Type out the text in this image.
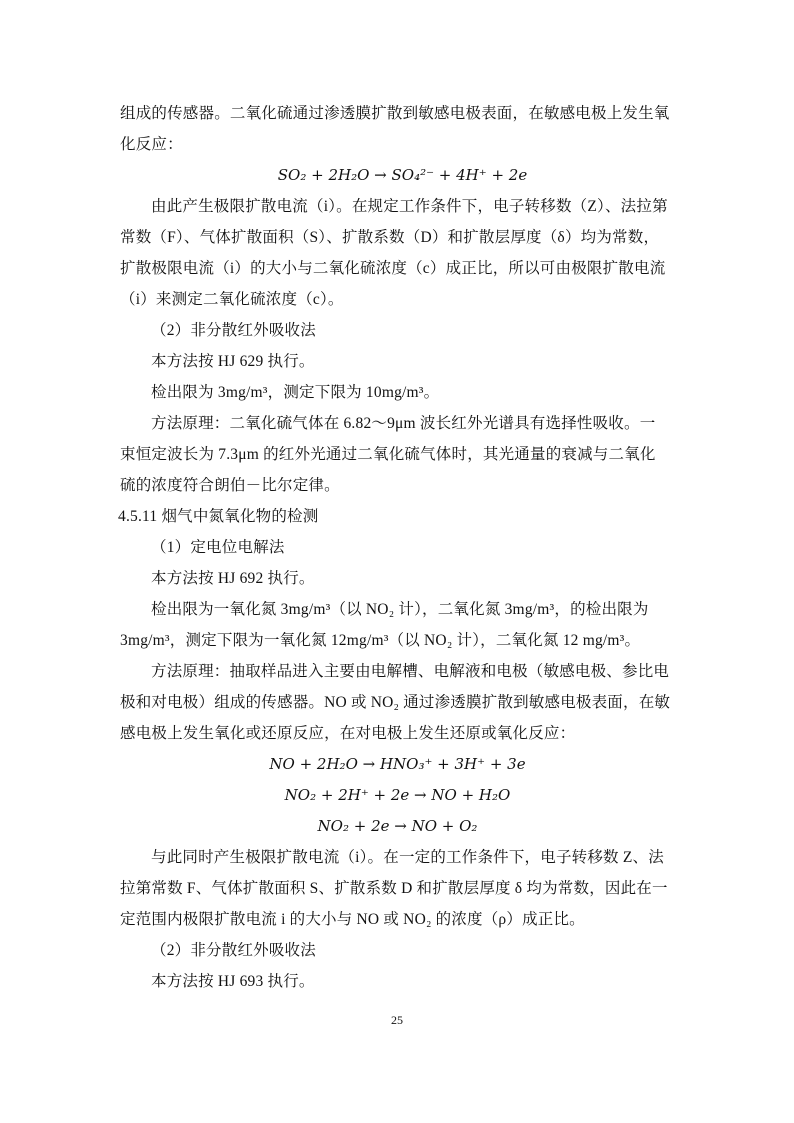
组成的传感器。二氧化硫通过渗透膜扩散到敏感电极表面，在敏感电极上发生氧
化反应：
SO₂ + 2H₂O → SO₄²⁻ + 4H⁺ + 2e
由此产生极限扩散电流（i）。在规定工作条件下，电子转移数（Z）、法拉第
常数（F）、气体扩散面积（S）、扩散系数（D）和扩散层厚度（δ）均为常数，
扩散极限电流（i）的大小与二氧化硫浓度（c）成正比，所以可由极限扩散电流
（i）来测定二氧化硫浓度（c）。
（2）非分散红外吸收法
本方法按 HJ 629 执行。
检出限为 3mg/m³，测定下限为 10mg/m³。
方法原理：二氧化硫气体在 6.82～9μm 波长红外光谱具有选择性吸收。一
束恒定波长为 7.3μm 的红外光通过二氧化硫气体时，其光通量的衰减与二氧化
硫的浓度符合朗伯－比尔定律。
4.5.11 烟气中氮氧化物的检测
（1）定电位电解法
本方法按 HJ 692 执行。
检出限为一氧化氮 3mg/m³（以 NO₂ 计），二氧化氮 3mg/m³，的检出限为
3mg/m³，测定下限为一氧化氮 12mg/m³（以 NO₂ 计），二氧化氮 12 mg/m³。
方法原理：抽取样品进入主要由电解槽、电解液和电极（敏感电极、参比电
极和对电极）组成的传感器。NO 或 NO₂ 通过渗透膜扩散到敏感电极表面，在敏
感电极上发生氧化或还原反应，在对电极上发生还原或氧化反应：
NO + 2H₂O → HNO₃⁺ + 3H⁺ + 3e
NO₂ + 2H⁺ + 2e → NO + H₂O
NO₂ + 2e → NO + O₂
与此同时产生极限扩散电流（i）。在一定的工作条件下，电子转移数 Z、法
拉第常数 F、气体扩散面积 S、扩散系数 D 和扩散层厚度 δ 均为常数，因此在一
定范围内极限扩散电流 i 的大小与 NO 或 NO₂ 的浓度（ρ）成正比。
（2）非分散红外吸收法
本方法按 HJ 693 执行。
25
